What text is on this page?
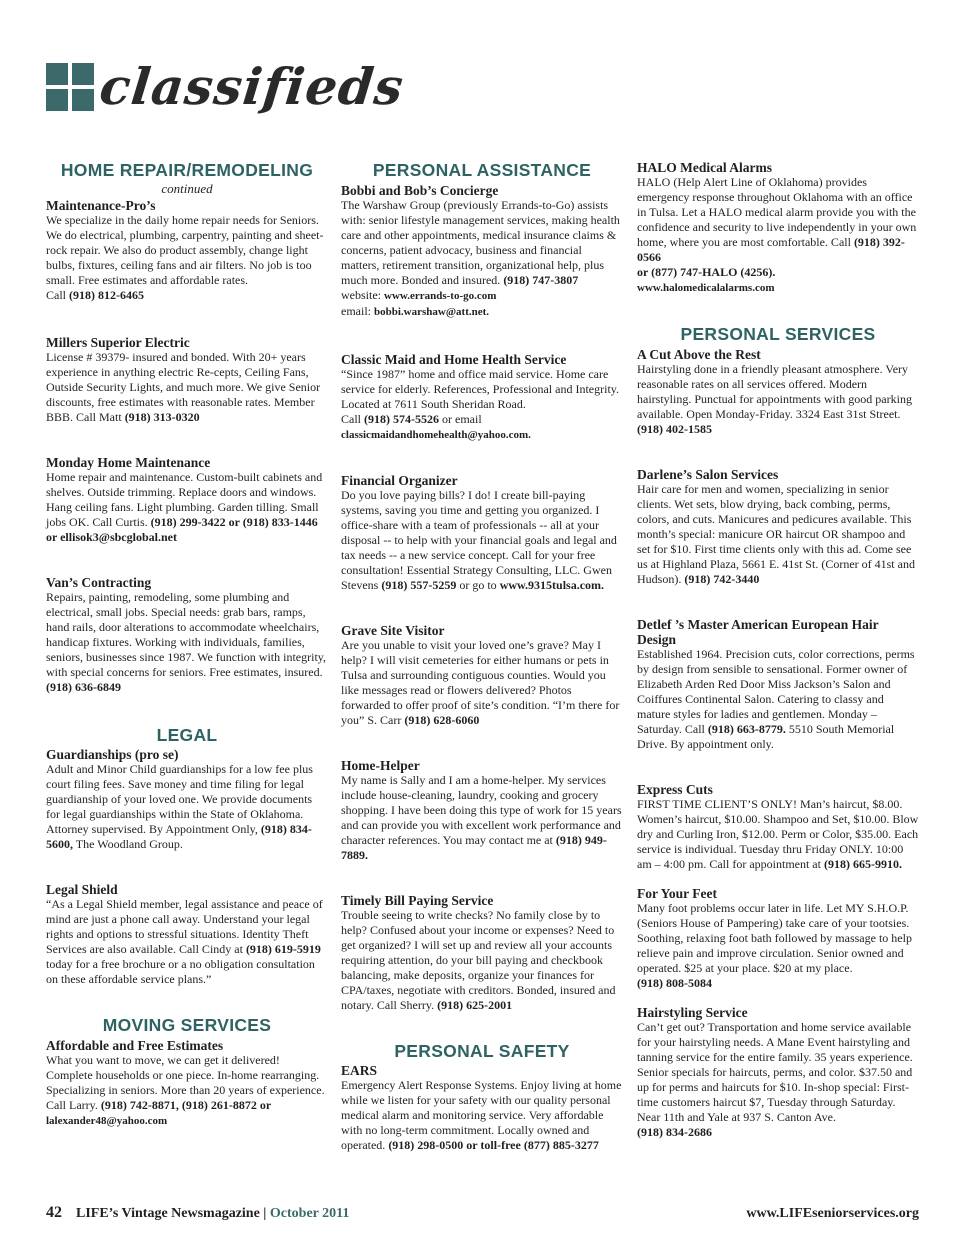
classifieds
HOME REPAIR/REMODELING
continued
Maintenance-Pro’s
We specialize in the daily home repair needs for Seniors. We do electrical, plumbing, carpentry, painting and sheet-rock repair. We also do product assembly, change light bulbs, fixtures, ceiling fans and air filters. No job is too small. Free estimates and affordable rates.
Call (918) 812-6465
Millers Superior Electric
License # 39379- insured and bonded. With 20+ years experience in anything electric Re-cepts, Ceiling Fans, Outside Security Lights, and much more. We give Senior discounts, free estimates with reasonable rates. Member BBB. Call Matt (918) 313-0320
Monday Home Maintenance
Home repair and maintenance. Custom-built cabinets and shelves. Outside trimming. Replace doors and windows. Hang ceiling fans. Light plumbing. Garden tilling. Small jobs OK. Call Curtis. (918) 299-3422 or (918) 833-1446 or ellisok3@sbcglobal.net
Van’s Contracting
Repairs, painting, remodeling, some plumbing and electrical, small jobs. Special needs: grab bars, ramps, hand rails, door alterations to accommodate wheelchairs, handicap fixtures. Working with individuals, families, seniors, businesses since 1987. We function with integrity, with special concerns for seniors. Free estimates, insured. (918) 636-6849
LEGAL
Guardianships (pro se)
Adult and Minor Child guardianships for a low fee plus court filing fees. Save money and time filing for legal guardianship of your loved one. We provide documents for legal guardianships within the State of Oklahoma. Attorney supervised. By Appointment Only, (918) 834-5600, The Woodland Group.
Legal Shield
“As a Legal Shield member, legal assistance and peace of mind are just a phone call away. Understand your legal rights and options to stressful situations. Identity Theft Services are also available. Call Cindy at (918) 619-5919 today for a free brochure or a no obligation consultation on these affordable service plans.”
MOVING SERVICES
Affordable and Free Estimates
What you want to move, we can get it delivered! Complete households or one piece. In-home rearranging. Specializing in seniors. More than 20 years of experience. Call Larry. (918) 742-8871, (918) 261-8872 or
lalexander48@yahoo.com
PERSONAL ASSISTANCE
Bobbi and Bob’s Concierge
The Warshaw Group (previously Errands-to-Go) assists with: senior lifestyle management services, making health care and other appointments, medical insurance claims & concerns, patient advocacy, business and financial matters, retirement transition, organizational help, plus much more. Bonded and insured. (918) 747-3807
website: www.errands-to-go.com
email: bobbi.warshaw@att.net.
Classic Maid and Home Health Service
“Since 1987” home and office maid service. Home care service for elderly. References, Professional and Integrity. Located at 7611 South Sheridan Road.
Call (918) 574-5526 or email
classicmaidandhomehealth@yahoo.com.
Financial Organizer
Do you love paying bills? I do! I create bill-paying systems, saving you time and getting you organized. I office-share with a team of professionals -- all at your disposal -- to help with your financial goals and legal and tax needs -- a new service concept. Call for your free consultation! Essential Strategy Consulting, LLC. Gwen Stevens (918) 557-5259 or go to www.9315tulsa.com.
Grave Site Visitor
Are you unable to visit your loved one’s grave? May I help? I will visit cemeteries for either humans or pets in Tulsa and surrounding contiguous counties. Would you like messages read or flowers delivered? Photos forwarded to offer proof of site’s condition. “I’m there for you” S. Carr (918) 628-6060
Home-Helper
My name is Sally and I am a home-helper. My services include house-cleaning, laundry, cooking and grocery shopping. I have been doing this type of work for 15 years and can provide you with excellent work performance and character references. You may contact me at (918) 949-7889.
Timely Bill Paying Service
Trouble seeing to write checks? No family close by to help? Confused about your income or expenses? Need to get organized? I will set up and review all your accounts requiring attention, do your bill paying and checkbook balancing, make deposits, organize your finances for CPA/taxes, negotiate with creditors. Bonded, insured and notary. Call Sherry. (918) 625-2001
PERSONAL SAFETY
EARS
Emergency Alert Response Systems. Enjoy living at home while we listen for your safety with our quality personal medical alarm and monitoring service. Very affordable with no long-term commitment. Locally owned and operated. (918) 298-0500 or toll-free (877) 885-3277
HALO Medical Alarms
HALO (Help Alert Line of Oklahoma) provides emergency response throughout Oklahoma with an office in Tulsa. Let a HALO medical alarm provide you with the confidence and security to live independently in your own home, where you are most comfortable. Call (918) 392-0566
or (877) 747-HALO (4256).
www.halomedicalalarms.com
PERSONAL SERVICES
A Cut Above the Rest
Hairstyling done in a friendly pleasant atmosphere. Very reasonable rates on all services offered. Modern hairstyling. Punctual for appointments with good parking available. Open Monday-Friday. 3324 East 31st Street. (918) 402-1585
Darlene’s Salon Services
Hair care for men and women, specializing in senior clients. Wet sets, blow drying, back combing, perms, colors, and cuts. Manicures and pedicures available. This month’s special: manicure OR haircut OR shampoo and set for $10. First time clients only with this ad. Come see us at Highland Plaza, 5661 E. 41st St. (Corner of 41st and Hudson). (918) 742-3440
Detlef ’s Master American European Hair Design
Established 1964. Precision cuts, color corrections, perms by design from sensible to sensational. Former owner of Elizabeth Arden Red Door Miss Jackson’s Salon and Coiffures Continental Salon. Catering to classy and mature styles for ladies and gentlemen. Monday – Saturday. Call (918) 663-8779. 5510 South Memorial Drive. By appointment only.
Express Cuts
FIRST TIME CLIENT’S ONLY! Man’s haircut, $8.00. Women’s haircut, $10.00. Shampoo and Set, $10.00. Blow dry and Curling Iron, $12.00. Perm or Color, $35.00. Each service is individual. Tuesday thru Friday ONLY. 10:00 am – 4:00 pm. Call for appointment at (918) 665-9910.
For Your Feet
Many foot problems occur later in life. Let MY S.H.O.P. (Seniors House of Pampering) take care of your tootsies. Soothing, relaxing foot bath followed by massage to help relieve pain and improve circulation. Senior owned and operated. $25 at your place. $20 at my place.
(918) 808-5084
Hairstyling Service
Can’t get out? Transportation and home service available for your hairstyling needs. A Mane Event hairstyling and tanning service for the entire family. 35 years experience. Senior specials for haircuts, perms, and color. $37.50 and up for perms and haircuts for $10. In-shop special: First-time customers haircut $7, Tuesday through Saturday. Near 11th and Yale at 937 S. Canton Ave.
(918) 834-2686
42 LIFE’s Vintage Newsmagazine |
October 2011	www.LIFEseniorservices.org
